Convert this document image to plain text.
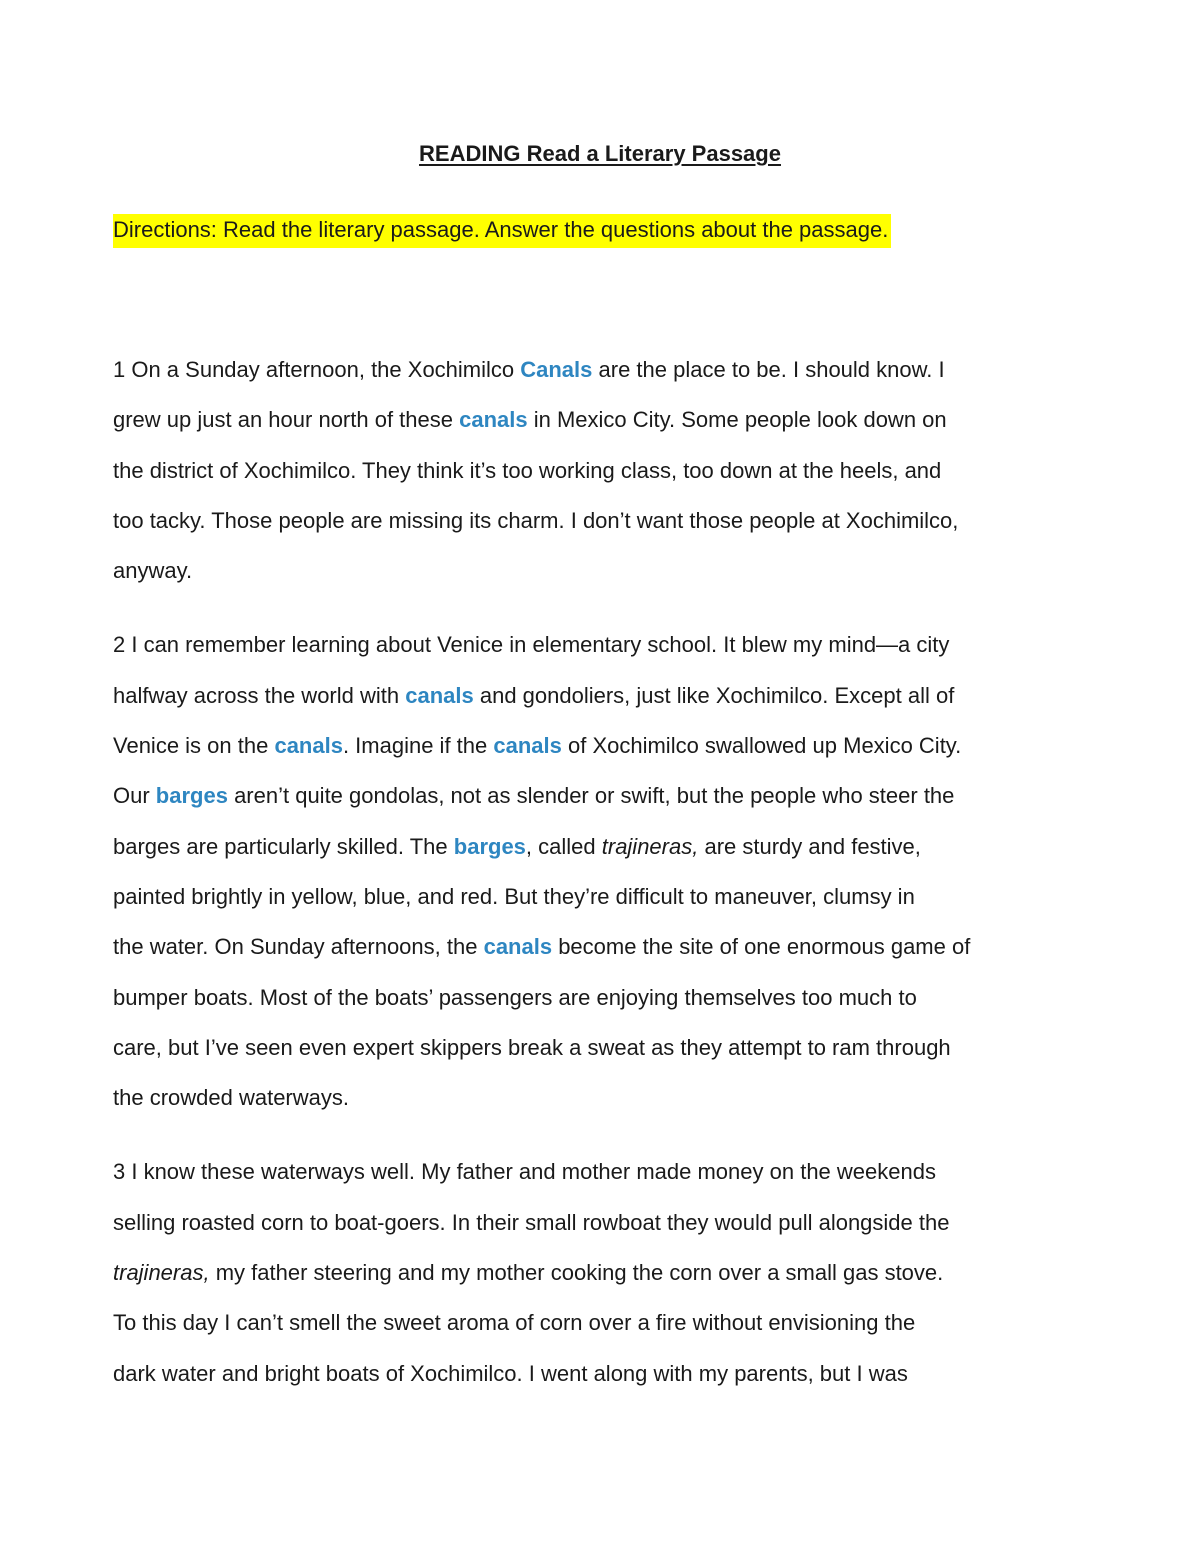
READING Read a Literary Passage
Directions: Read the literary passage. Answer the questions about the passage.
1 On a Sunday afternoon, the Xochimilco Canals are the place to be. I should know. I
grew up just an hour north of these canals in Mexico City. Some people look down on
the district of Xochimilco. They think it’s too working class, too down at the heels, and
too tacky. Those people are missing its charm. I don’t want those people at Xochimilco,
anyway.
2 I can remember learning about Venice in elementary school. It blew my mind—a city
halfway across the world with canals and gondoliers, just like Xochimilco. Except all of
Venice is on the canals. Imagine if the canals of Xochimilco swallowed up Mexico City.
Our barges aren’t quite gondolas, not as slender or swift, but the people who steer the
barges are particularly skilled. The barges, called trajineras, are sturdy and festive,
painted brightly in yellow, blue, and red. But they’re difficult to maneuver, clumsy in
the water. On Sunday afternoons, the canals become the site of one enormous game of
bumper boats. Most of the boats’ passengers are enjoying themselves too much to
care, but I’ve seen even expert skippers break a sweat as they attempt to ram through
the crowded waterways.
3 I know these waterways well. My father and mother made money on the weekends
selling roasted corn to boat-goers. In their small rowboat they would pull alongside the
trajineras, my father steering and my mother cooking the corn over a small gas stove.
To this day I can’t smell the sweet aroma of corn over a fire without envisioning the
dark water and bright boats of Xochimilco. I went along with my parents, but I was
